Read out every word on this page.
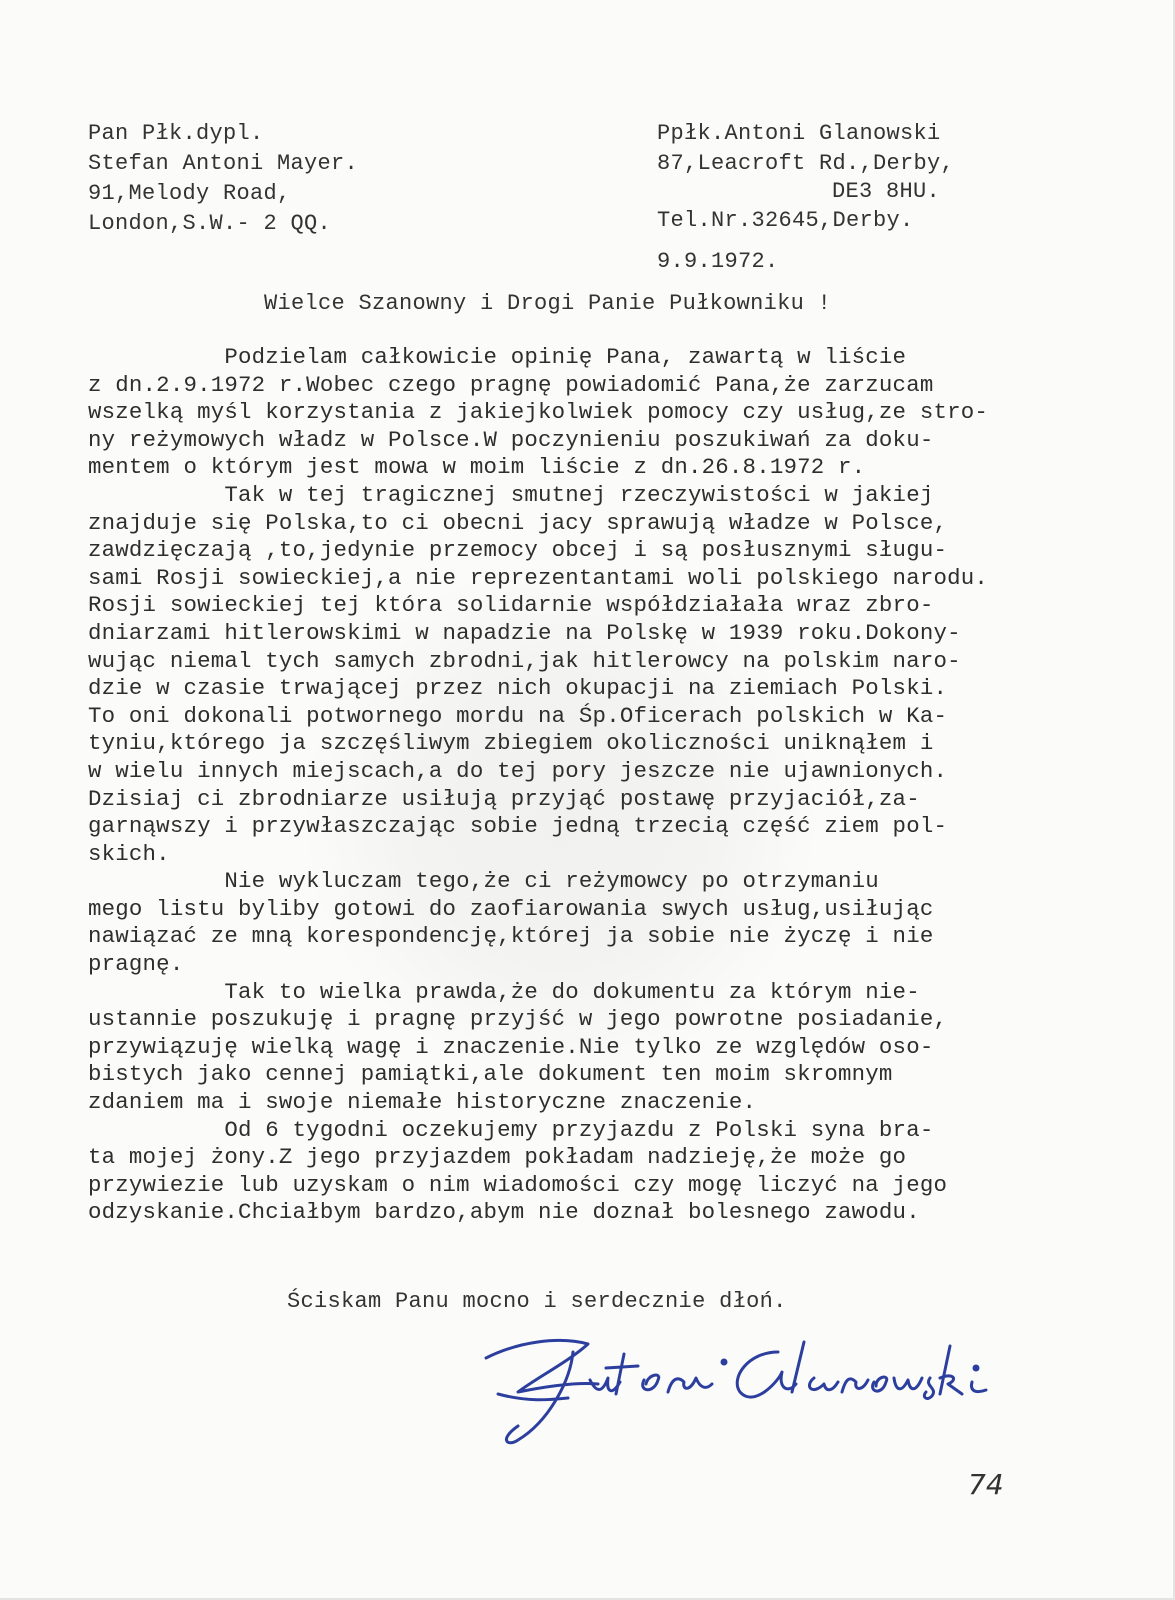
Pan Płk.dypl.
Stefan Antoni Mayer.
91,Melody Road,
London,S.W.- 2 QQ.
Ppłk.Antoni Glanowski
87,Leacroft Rd.,Derby,
DE3 8HU.
Tel.Nr.32645,Derby.
9.9.1972.
Wielce Szanowny i Drogi Panie Pułkowniku !
Podzielam całkowicie opinię Pana, zawartą w liście
z dn.2.9.1972 r.Wobec czego pragnę powiadomić Pana,że zarzucam
wszelką myśl korzystania z jakiejkolwiek pomocy czy usług,ze stro-
ny reżymowych władz w Polsce.W poczynieniu poszukiwań za doku-
mentem o którym jest mowa w moim liście z dn.26.8.1972 r.
Tak w tej tragicznej smutnej rzeczywistości w jakiej
znajduje się Polska,to ci obecni jacy sprawują władze w Polsce,
zawdzięczają ,to,jedynie przemocy obcej i są posłusznymi sługu-
sami Rosji sowieckiej,a nie reprezentantami woli polskiego narodu.
Rosji sowieckiej tej która solidarnie współdziałała wraz zbro-
dniarzami hitlerowskimi w napadzie na Polskę w 1939 roku.Dokony-
wując niemal tych samych zbrodni,jak hitlerowcy na polskim naro-
dzie w czasie trwającej przez nich okupacji na ziemiach Polski.
To oni dokonali potwornego mordu na Śp.Oficerach polskich w Ka-
tyniu,którego ja szczęśliwym zbiegiem okoliczności uniknąłem i
w wielu innych miejscach,a do tej pory jeszcze nie ujawnionych.
Dzisiaj ci zbrodniarze usiłują przyjąć postawę przyjaciół,za-
garnąwszy i przywłaszczając sobie jedną trzecią część ziem pol-
skich.
Nie wykluczam tego,że ci reżymowcy po otrzymaniu
mego listu byliby gotowi do zaofiarowania swych usług,usiłując
nawiązać ze mną korespondencję,której ja sobie nie życzę i nie
pragnę.
Tak to wielka prawda,że do dokumentu za którym nie-
ustannie poszukuję i pragnę przyjść w jego powrotne posiadanie,
przywiązuję wielką wagę i znaczenie.Nie tylko ze względów oso-
bistych jako cennej pamiątki,ale dokument ten moim skromnym
zdaniem ma i swoje niemałe historyczne znaczenie.
Od 6 tygodni oczekujemy przyjazdu z Polski syna bra-
ta mojej żony.Z jego przyjazdem pokładam nadzieję,że może go
przywiezie lub uzyskam o nim wiadomości czy mogę liczyć na jego
odzyskanie.Chciałbym bardzo,abym nie doznał bolesnego zawodu.
Ściskam Panu mocno i serdecznie dłoń.
74
